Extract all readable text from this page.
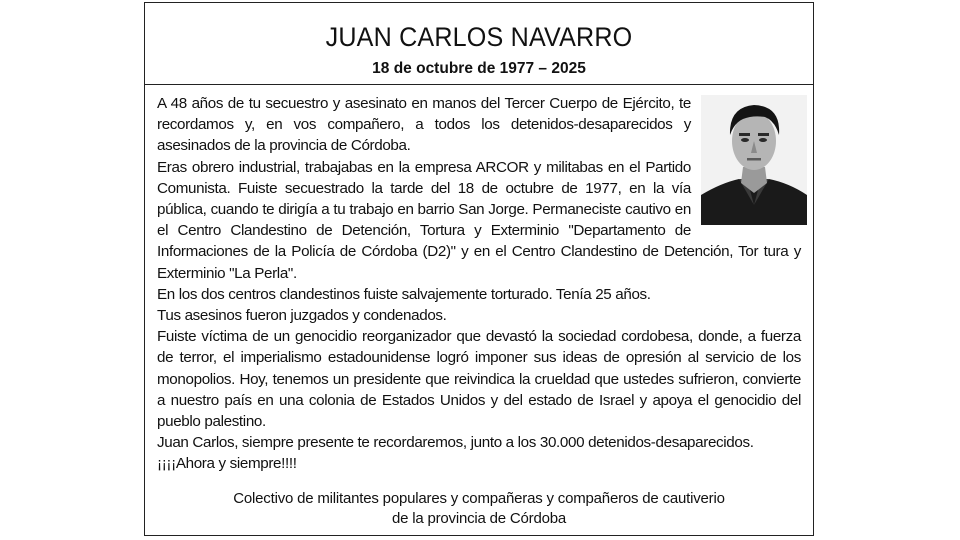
JUAN CARLOS NAVARRO
18 de octubre de 1977 – 2025

A 48 años de tu secuestro y asesinato en manos del Tercer Cuerpo de Ejército, te recordamos y, en vos compañero, a todos los detenidos-desaparecidos y asesinados de la provincia de Córdoba.

Eras obrero industrial, trabajabas en la empresa ARCOR y militabas en el Partido Comunista. Fuiste secuestrado la tarde del 18 de octubre de 1977, en la vía pública, cuando te dirigía a tu trabajo en barrio San Jorge. Permaneciste cautivo en el Centro Clandestino de Detención, Tortura y Exterminio "Departamento de Informaciones de la Policía de Córdoba (D2)" y en el Centro Clandestino de Detención, Tor tura y Exterminio "La Perla".

En los dos centros clandestinos fuiste salvajemente torturado. Tenía 25 años.

Tus asesinos fueron juzgados y condenados.

Fuiste víctima de un genocidio reorganizador que devastó la sociedad cordobesa, donde, a fuerza de terror, el imperialismo estadounidense logró imponer sus ideas de opresión al servicio de los monopolios. Hoy, tenemos un presidente que reivindica la crueldad que ustedes sufrieron, convierte a nuestro país en una colonia de Estados Unidos y del estado de Israel y apoya el genocidio del pueblo palestino.

Juan Carlos, siempre presente te recordaremos, junto a los 30.000 detenidos-desaparecidos.

¡¡¡¡Ahora y siempre!!!!

Colectivo de militantes populares y compañeras y compañeros de cautiverio
de la provincia de Córdoba
